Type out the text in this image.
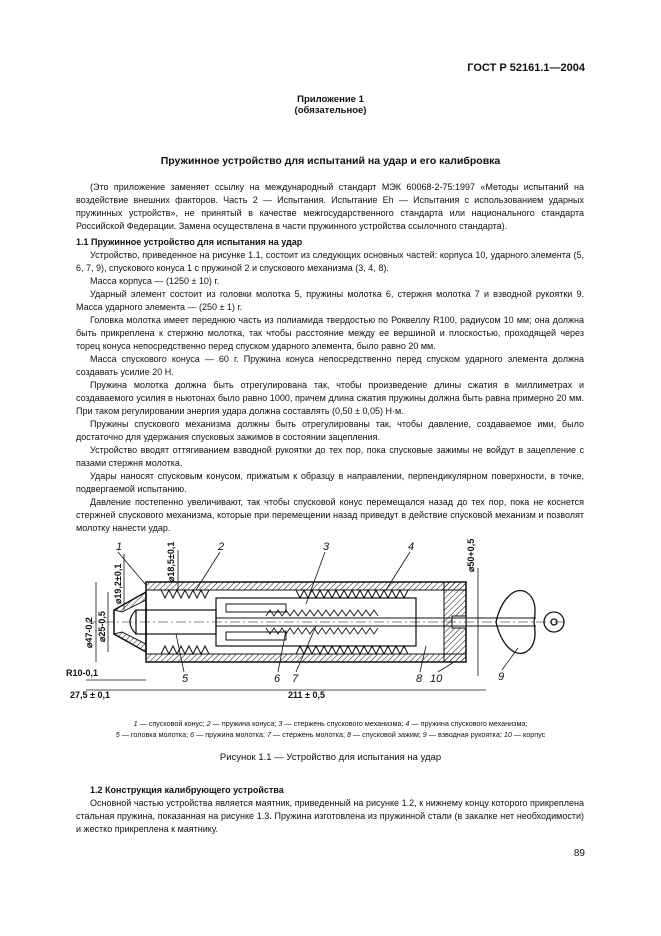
ГОСТ Р 52161.1—2004
Приложение 1
(обязательное)
Пружинное устройство для испытаний на удар и его калибровка

(Это приложение заменяет ссылку на международный стандарт МЭК 60068-2-75:1997 «Методы испытаний на воздействие внешних факторов. Часть 2 — Испытания. Испытание Eh — Испытания с использованием ударных пружинных устройств», не принятый в качестве межгосударственного стандарта или национального стандарта Российской Федерации. Замена осуществлена в части пружинного устройства ссылочного стандарта).

1.1 Пружинное устройство для испытания на удар

Устройство, приведенное на рисунке 1.1, состоит из следующих основных частей: корпуса 10, ударного элемента (5, 6, 7, 9), спускового конуса 1 с пружиной 2 и спускового механизма (3, 4, 8).

Масса корпуса — (1250 ± 10) г.

Ударный элемент состоит из головки молотка 5, пружины молотка 6, стержня молотка 7 и взводной рукоятки 9. Масса ударного элемента — (250 ± 1) г.

Головка молотка имеет переднюю часть из полиамида твердостью по Роквеллу R100, радиусом 10 мм; она должна быть прикреплена к стержню молотка, так чтобы расстояние между ее вершиной и плоскостью, проходящей через торец конуса непосредственно перед спуском ударного элемента, было равно 20 мм.

Масса спускового конуса — 60 г. Пружина конуса непосредственно перед спуском ударного элемента должна создавать усилие 20 Н.

Пружина молотка должна быть отрегулирована так, чтобы произведение длины сжатия в миллиметрах и создаваемого усилия в ньютонах было равно 1000, причем длина сжатия пружины должна быть равна примерно 20 мм. При таком регулировании энергия удара должна составлять (0,50 ± 0,05) Н·м.

Пружины спускового механизма должны быть отрегулированы так, чтобы давление, создаваемое ими, было достаточно для удержания спусковых зажимов в состоянии зацепления.

Устройство вводят оттягиванием взводной рукоятки до тех пор, пока спусковые зажимы не войдут в зацепление с пазами стержня молотка.

Удары наносят спусковым конусом, прижатым к образцу в направлении, перпендикулярном поверхности, в точке, подвергаемой испытанию.

Давление постепенно увеличивают, так чтобы спусковой конус перемещался назад до тех пор, пока не коснется стержней спускового механизма, которые при перемещении назад приведут в действие спусковой механизм и позволят молотку нанести удар.

1	2	3	4
5	6 7	8 10	9
⌀47-0,2 ⌀25-0,5
⌀19,2±0,1
⌀18,5±0,1	⌀50+0,5
R10-0,1
27,5 ± 0,1	211 ± 0,5
1 — спусковой конус; 2 — пружина конуса; 3 — стержень спускового механизма; 4 — пружина спускового механизма;
5 — головка молотка; 6 — пружина молотка; 7 — стержень молотка; 8 — спусковой зажим; 9 — взводная рукоятка; 10 — корпус
Рисунок 1.1 — Устройство для испытания на удар

1.2 Конструкция калибрующего устройства

Основной частью устройства является маятник, приведенный на рисунке 1.2, к нижнему концу которого прикреплена стальная пружина, показанная на рисунке 1.3. Пружина изготовлена из пружинной стали (в закалке нет необходимости) и жестко прикреплена к маятнику.

89
